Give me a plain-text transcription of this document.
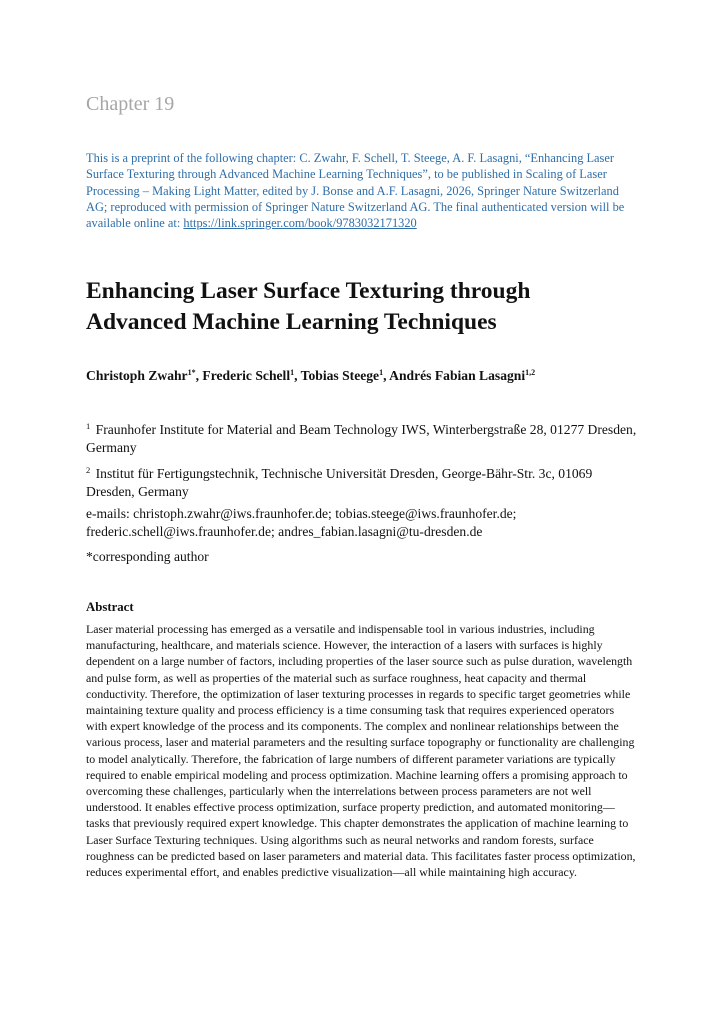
Chapter 19
This is a preprint of the following chapter: C. Zwahr, F. Schell, T. Steege, A. F. Lasagni, “Enhancing Laser Surface Texturing through Advanced Machine Learning Techniques”, to be published in Scaling of Laser Processing – Making Light Matter, edited by J. Bonse and A.F. Lasagni, 2026, Springer Nature Switzerland AG; reproduced with permission of Springer Nature Switzerland AG. The final authenticated version will be available online at: https://link.springer.com/book/9783032171320
Enhancing Laser Surface Texturing through
Advanced Machine Learning Techniques
Christoph Zwahr$^{1*}$, Frederic Schell$^1$, Tobias Steege$^1$, Andrés Fabian Lasagni$^{1,2}$
$^1$ Fraunhofer Institute for Material and Beam Technology IWS, Winterbergstraße 28, 01277 Dresden, Germany
$^2$ Institut für Fertigungstechnik, Technische Universität Dresden, George-Bähr-Str. 3c, 01069 Dresden, Germany
e-mails: christoph.zwahr@iws.fraunhofer.de; tobias.steege@iws.fraunhofer.de; frederic.schell@iws.fraunhofer.de; andres_fabian.lasagni@tu-dresden.de
*corresponding author
Abstract
Laser material processing has emerged as a versatile and indispensable tool in various industries, including manufacturing, healthcare, and materials science. However, the interaction of a lasers with surfaces is highly dependent on a large number of factors, including properties of the laser source such as pulse duration, wavelength and pulse form, as well as properties of the material such as surface roughness, heat capacity and thermal conductivity. Therefore, the optimization of laser texturing processes in regards to specific target geometries while maintaining texture quality and process efficiency is a time consuming task that requires experienced operators with expert knowledge of the process and its components. The complex and nonlinear relationships between the various process, laser and material parameters and the resulting surface topography or functionality are challenging to model analytically. Therefore, the fabrication of large numbers of different parameter variations are typically required to enable empirical modeling and process optimization. Machine learning offers a promising approach to overcoming these challenges, particularly when the interrelations between process parameters are not well understood. It enables effective process optimization, surface property prediction, and automated monitoring—tasks that previously required expert knowledge. This chapter demonstrates the application of machine learning to Laser Surface Texturing techniques. Using algorithms such as neural networks and random forests, surface roughness can be predicted based on laser parameters and material data. This facilitates faster process optimization, reduces experimental effort, and enables predictive visualization—all while maintaining high accuracy.
